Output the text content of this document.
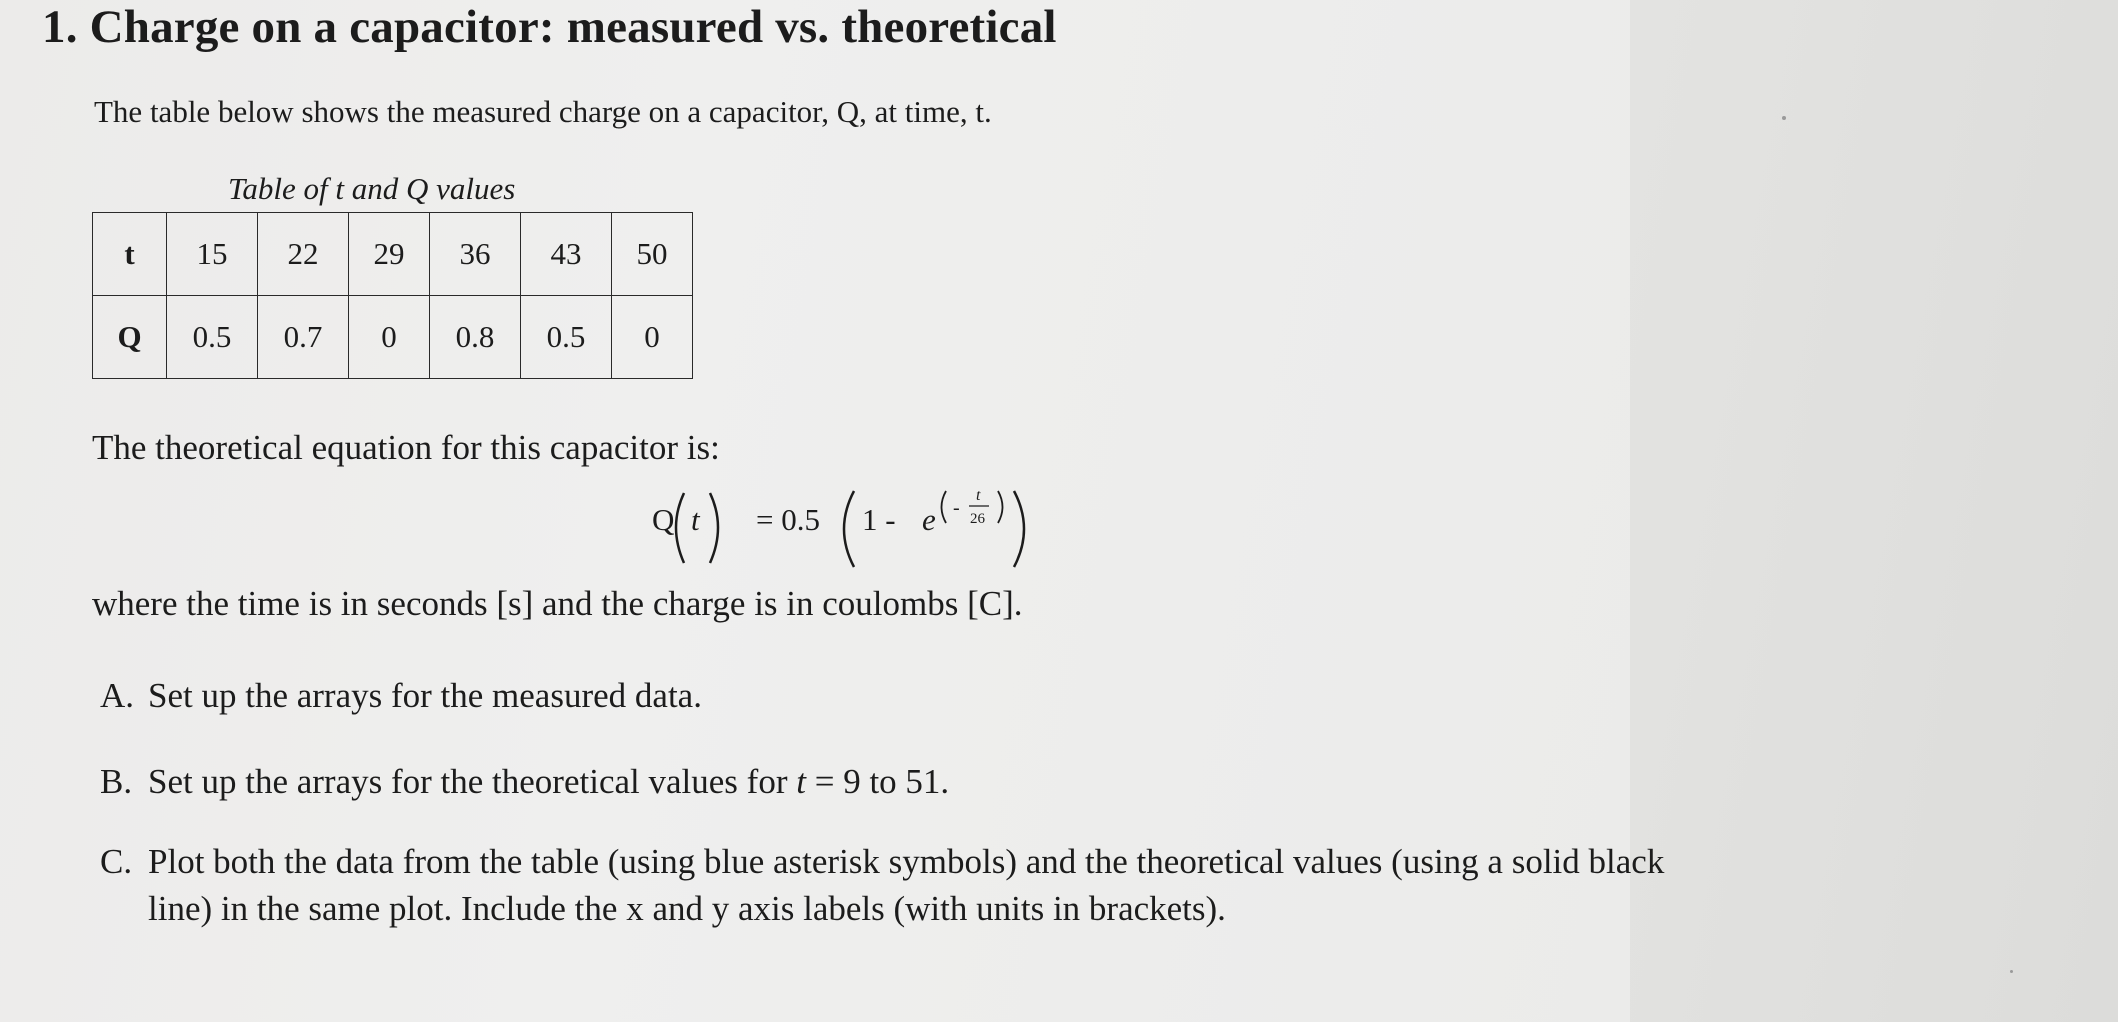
1. Charge on a capacitor: measured vs. theoretical
The table below shows the measured charge on a capacitor, Q, at time, t.
Table of t and Q values
t	15	22	29	36	43	50
Q	0.5	0.7	0	0.8	0.5	0
The theoretical equation for this capacitor is:
Q t = 0.5 1 - e -
t
26
where the time is in seconds [s] and the charge is in coulombs [C].
A. Set up the arrays for the measured data.
B. Set up the arrays for the theoretical values for t = 9 to 51.
C. Plot both the data from the table (using blue asterisk symbols) and the theoretical values (using a solid black line) in the same plot. Include the x and y axis labels (with units in brackets).
